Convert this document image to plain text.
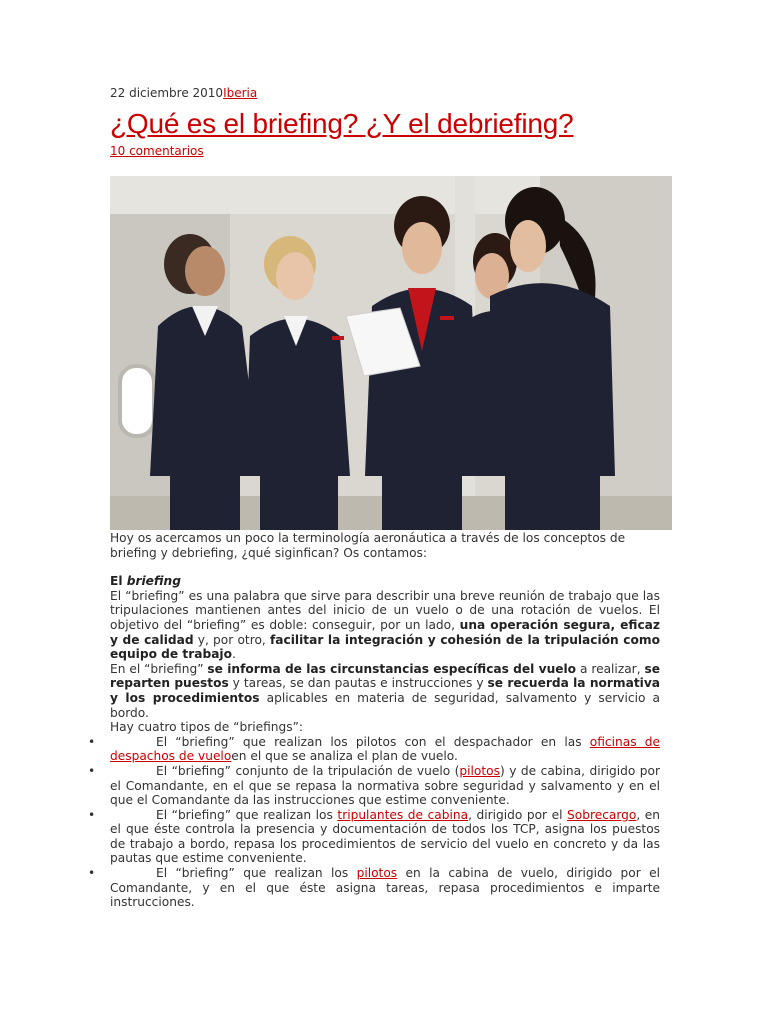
22 diciembre 2010Iberia
¿Qué es el briefing? ¿Y el debriefing?
10 comentarios

Hoy os acercamos un poco la terminología aeronáutica a través de los conceptos de briefing y debriefing, ¿qué siginfican? Os contamos:

El briefing

El “briefing” es una palabra que sirve para describir una breve reunión de trabajo que las tripulaciones mantienen antes del inicio de un vuelo o de una rotación de vuelos. El objetivo del “briefing” es doble: conseguir, por un lado, una operación segura, eficaz y de calidad y, por otro, facilitar la integración y cohesión de la tripulación como equipo de trabajo.

En el “briefing” se informa de las circunstancias específicas del vuelo a realizar, se reparten puestos y tareas, se dan pautas e instrucciones y se recuerda la normativa y los procedimientos aplicables en materia de seguridad, salvamento y servicio a bordo.

Hay cuatro tipos de “briefings”:

•	El “briefing” que realizan los pilotos con el despachador en las oficinas de despachos de vueloen el que se analiza el plan de vuelo.
•	El “briefing” conjunto de la tripulación de vuelo (pilotos) y de cabina, dirigido por el Comandante, en el que se repasa la normativa sobre seguridad y salvamento y en el que el Comandante da las instrucciones que estime conveniente.
•	El “briefing” que realizan los tripulantes de cabina, dirigido por el Sobrecargo, en el que éste controla la presencia y documentación de todos los TCP, asigna los puestos de trabajo a bordo, repasa los procedimientos de servicio del vuelo en concreto y da las pautas que estime conveniente.
•	El “briefing” que realizan los pilotos en la cabina de vuelo, dirigido por el Comandante, y en el que éste asigna tareas, repasa procedimientos e imparte instrucciones.
